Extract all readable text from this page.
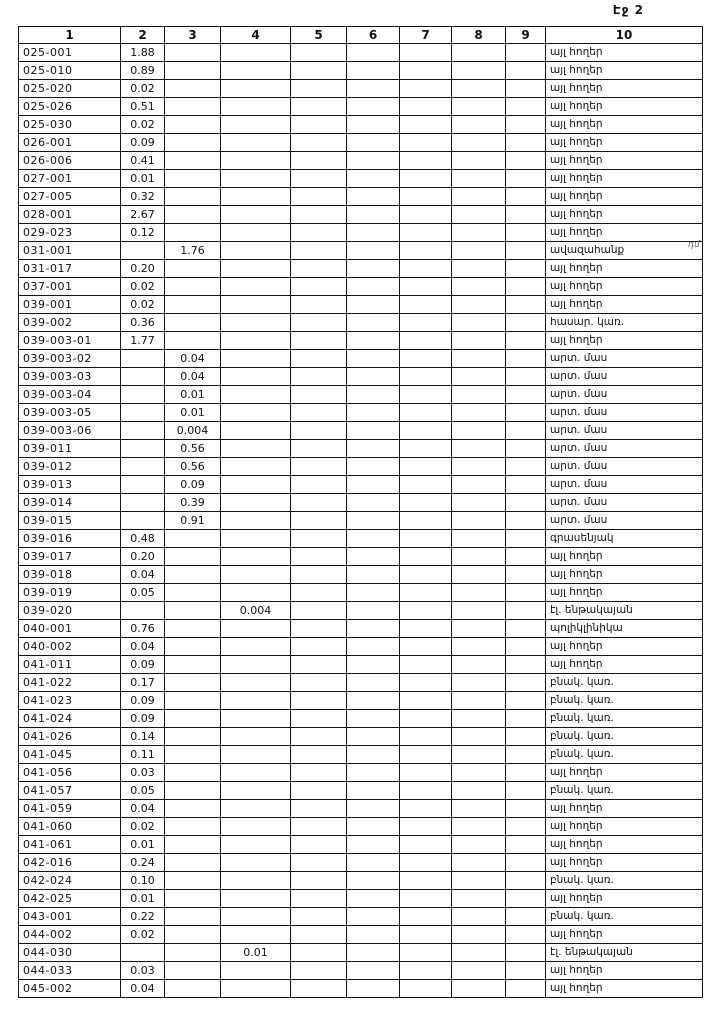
Էջ 2
1	2	3	4	5	6	7	8	9	10
025-001	1.88								այլ հողեր
025-010	0.89								այլ հողեր
025-020	0.02								այլ հողեր
025-026	0.51								այլ հողեր
025-030	0.02								այլ հողեր
026-001	0.09								այլ հողեր
026-006	0.41								այլ հողեր
027-001	0.01								այլ հողեր
027-005	0.32								այլ հողեր
028-001	2.67								այլ հողեր
029-023	0.12								այլ հողեր
031-001		1.76							ավազահանք
031-017	0.20								այլ հողեր
037-001	0.02								այլ հողեր
039-001	0.02								այլ հողեր
039-002	0.36								հասար. կառ.
039-003-01	1.77								այլ հողեր
039-003-02		0.04							արտ. մաս
039-003-03		0.04							արտ. մաս
039-003-04		0.01							արտ. մաս
039-003-05		0.01							արտ. մաս
039-003-06		0.004							արտ. մաս
039-011		0.56							արտ. մաս
039-012		0.56							արտ. մաս
039-013		0.09							արտ. մաս
039-014		0.39							արտ. մաս
039-015		0.91							արտ. մաս
039-016	0.48								գրասենյակ
039-017	0.20								այլ հողեր
039-018	0.04								այլ հողեր
039-019	0.05								այլ հողեր
039-020			0.004						էլ. ենթակայան
040-001	0.76								պոլիկլինիկա
040-002	0.04								այլ հողեր
041-011	0.09								այլ հողեր
041-022	0.17								բնակ. կառ.
041-023	0.09								բնակ. կառ.
041-024	0.09								բնակ. կառ.
041-026	0.14								բնակ. կառ.
041-045	0.11								բնակ. կառ.
041-056	0.03								այլ հողեր
041-057	0.05								բնակ. կառ.
041-059	0.04								այլ հողեր
041-060	0.02								այլ հողեր
041-061	0.01								այլ հողեր
042-016	0.24								այլ հողեր
042-024	0.10								բնակ. կառ.
042-025	0.01								այլ հողեր
043-001	0.22								բնակ. կառ.
044-002	0.02								այլ հողեր
044-030			0.01						էլ. ենթակայան
044-033	0.03								այլ հողեր
045-002	0.04								այլ հողեր
դմ
